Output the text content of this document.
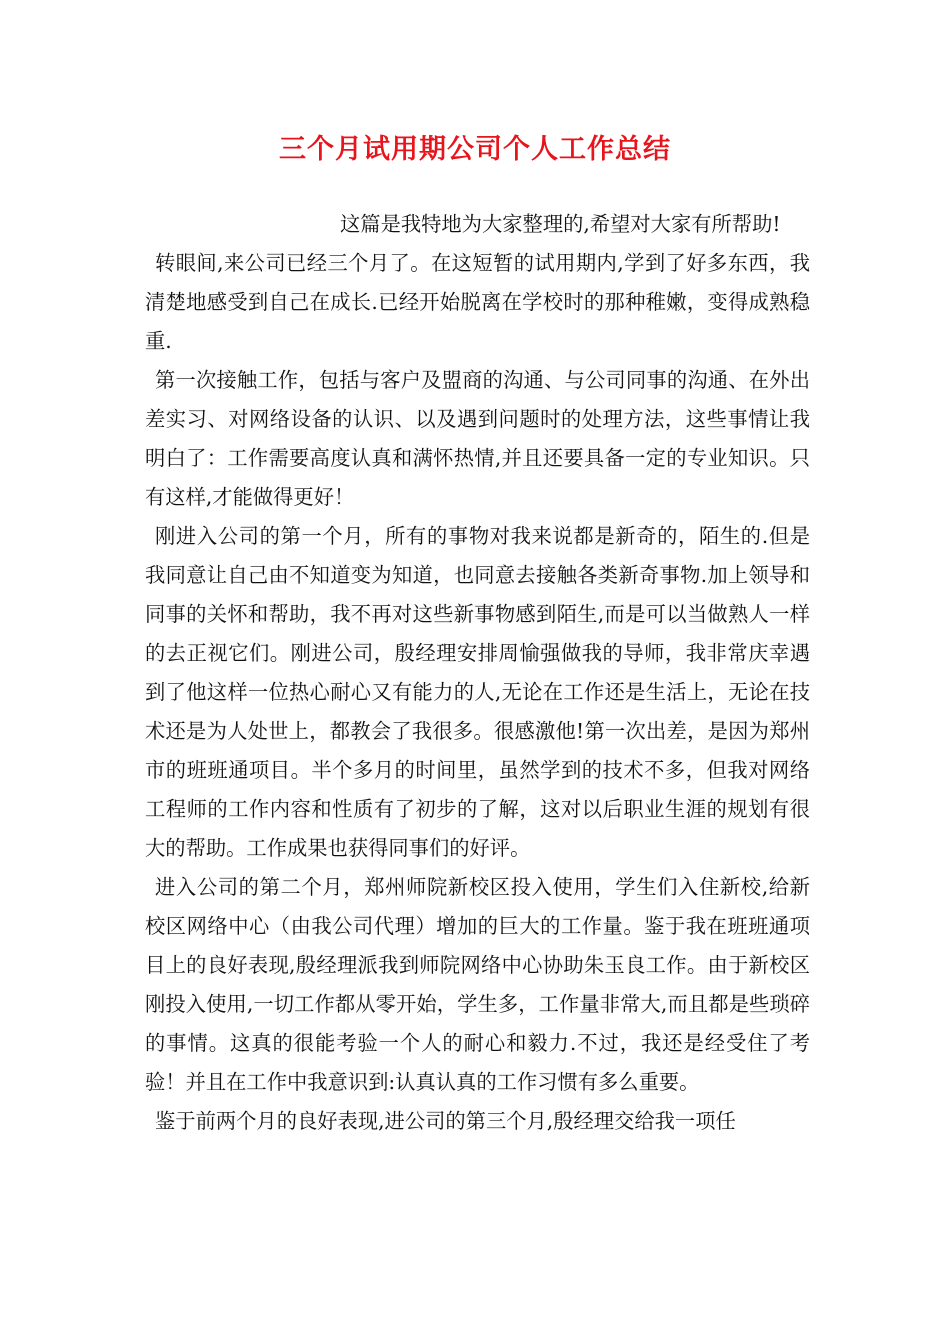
三个月试用期公司个人工作总结

这篇是我特地为大家整理的,希望对大家有所帮助!

转眼间,来公司已经三个月了。在这短暂的试用期内,学到了好多东西，我清楚地感受到自己在成长.已经开始脱离在学校时的那种稚嫩，变得成熟稳重.

第一次接触工作，包括与客户及盟商的沟通、与公司同事的沟通、在外出差实习、对网络设备的认识、以及遇到问题时的处理方法，这些事情让我明白了：工作需要高度认真和满怀热情,并且还要具备一定的专业知识。只有这样,才能做得更好！

刚进入公司的第一个月，所有的事物对我来说都是新奇的，陌生的.但是我同意让自己由不知道变为知道，也同意去接触各类新奇事物.加上领导和同事的关怀和帮助，我不再对这些新事物感到陌生,而是可以当做熟人一样的去正视它们。刚进公司，殷经理安排周愉强做我的导师，我非常庆幸遇到了他这样一位热心耐心又有能力的人,无论在工作还是生活上，无论在技术还是为人处世上，都教会了我很多。很感激他!第一次出差，是因为郑州市的班班通项目。半个多月的时间里，虽然学到的技术不多，但我对网络工程师的工作内容和性质有了初步的了解，这对以后职业生涯的规划有很大的帮助。工作成果也获得同事们的好评。

进入公司的第二个月，郑州师院新校区投入使用，学生们入住新校,给新校区网络中心（由我公司代理）增加的巨大的工作量。鉴于我在班班通项目上的良好表现,殷经理派我到师院网络中心协助朱玉良工作。由于新校区刚投入使用,一切工作都从零开始，学生多，工作量非常大,而且都是些琐碎的事情。这真的很能考验一个人的耐心和毅力.不过，我还是经受住了考验！并且在工作中我意识到:认真认真的工作习惯有多么重要。

鉴于前两个月的良好表现,进公司的第三个月,殷经理交给我一项任
